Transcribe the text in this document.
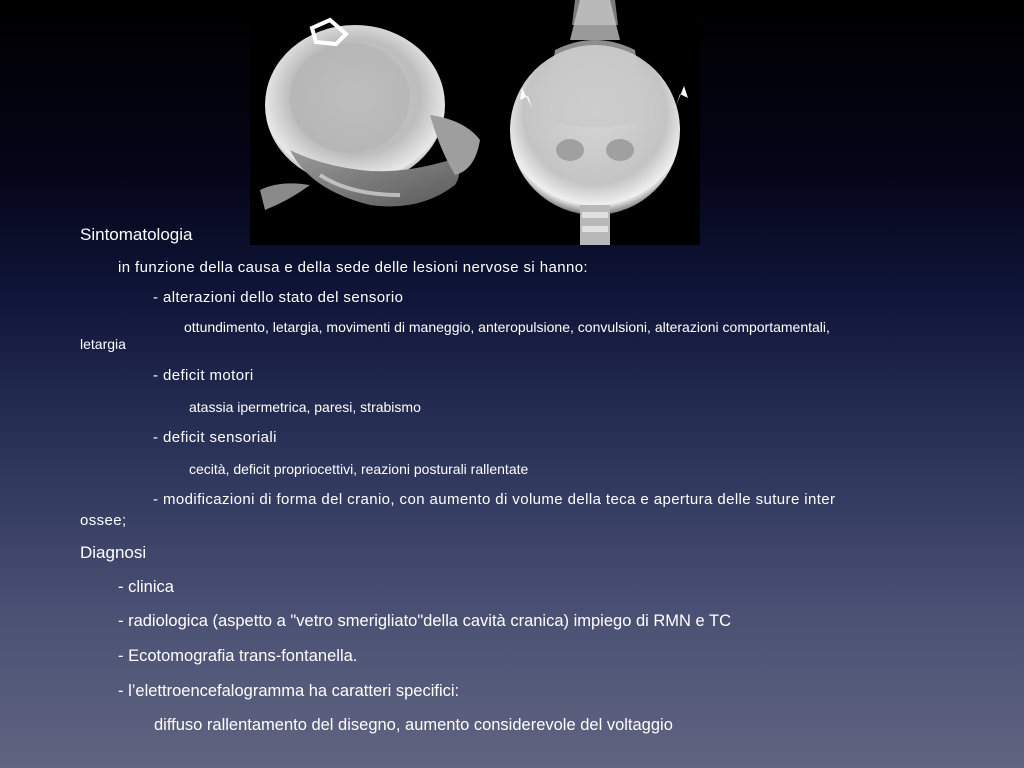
Sintomatologia
in funzione della causa e della sede delle lesioni nervose si hanno:
- alterazioni dello stato del sensorio
ottundimento, letargia, movimenti di maneggio, anteropulsione, convulsioni, alterazioni comportamentali,
letargia
- deficit motori
atassia ipermetrica, paresi, strabismo
- deficit sensoriali
cecità, deficit propriocettivi, reazioni posturali rallentate
- modificazioni di forma del cranio, con aumento di volume della teca e apertura delle suture inter
ossee;
Diagnosi
- clinica
- radiologica (aspetto a "vetro smerigliato"della cavità cranica) impiego di RMN e TC
- Ecotomografia trans-fontanella.
- l’elettroencefalogramma ha caratteri specifici:
diffuso rallentamento del disegno, aumento considerevole del voltaggio
